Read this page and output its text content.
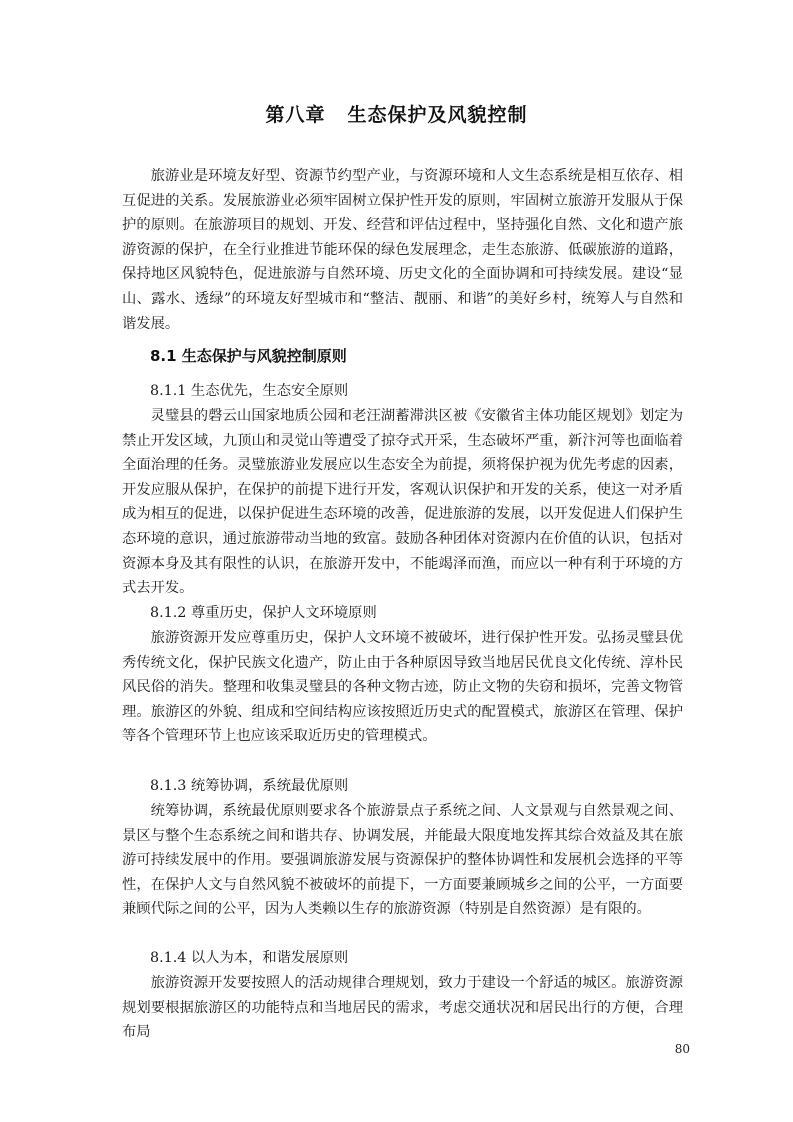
第八章 生态保护及风貌控制

旅游业是环境友好型、资源节约型产业，与资源环境和人文生态系统是相互依存、相互促进的关系。发展旅游业必须牢固树立保护性开发的原则，牢固树立旅游开发服从于保护的原则。在旅游项目的规划、开发、经营和评估过程中，坚持强化自然、文化和遗产旅游资源的保护，在全行业推进节能环保的绿色发展理念，走生态旅游、低碳旅游的道路，保持地区风貌特色，促进旅游与自然环境、历史文化的全面协调和可持续发展。建设“显山、露水、透绿”的环境友好型城市和“整洁、靓丽、和谐”的美好乡村，统筹人与自然和谐发展。

8.1 生态保护与风貌控制原则

8.1.1 生态优先，生态安全原则

灵璧县的磬云山国家地质公园和老汪湖蓄滞洪区被《安徽省主体功能区规划》划定为禁止开发区域，九顶山和灵觉山等遭受了掠夺式开采，生态破坏严重，新汴河等也面临着全面治理的任务。灵璧旅游业发展应以生态安全为前提，须将保护视为优先考虑的因素，开发应服从保护，在保护的前提下进行开发，客观认识保护和开发的关系，使这一对矛盾成为相互的促进，以保护促进生态环境的改善，促进旅游的发展，以开发促进人们保护生态环境的意识，通过旅游带动当地的致富。鼓励各种团体对资源内在价值的认识，包括对资源本身及其有限性的认识，在旅游开发中，不能竭泽而渔，而应以一种有利于环境的方式去开发。

8.1.2 尊重历史，保护人文环境原则

旅游资源开发应尊重历史，保护人文环境不被破坏，进行保护性开发。弘扬灵璧县优秀传统文化，保护民族文化遗产，防止由于各种原因导致当地居民优良文化传统、淳朴民风民俗的消失。整理和收集灵璧县的各种文物古迹，防止文物的失窃和损坏，完善文物管理。旅游区的外貌、组成和空间结构应该按照近历史式的配置模式，旅游区在管理、保护等各个管理环节上也应该采取近历史的管理模式。

8.1.3 统筹协调，系统最优原则

统筹协调，系统最优原则要求各个旅游景点子系统之间、人文景观与自然景观之间、景区与整个生态系统之间和谐共存、协调发展，并能最大限度地发挥其综合效益及其在旅游可持续发展中的作用。要强调旅游发展与资源保护的整体协调性和发展机会选择的平等性，在保护人文与自然风貌不被破坏的前提下，一方面要兼顾城乡之间的公平，一方面要兼顾代际之间的公平，因为人类赖以生存的旅游资源（特别是自然资源）是有限的。

8.1.4 以人为本，和谐发展原则

旅游资源开发要按照人的活动规律合理规划，致力于建设一个舒适的城区。旅游资源规划要根据旅游区的功能特点和当地居民的需求，考虑交通状况和居民出行的方便，合理布局

80
